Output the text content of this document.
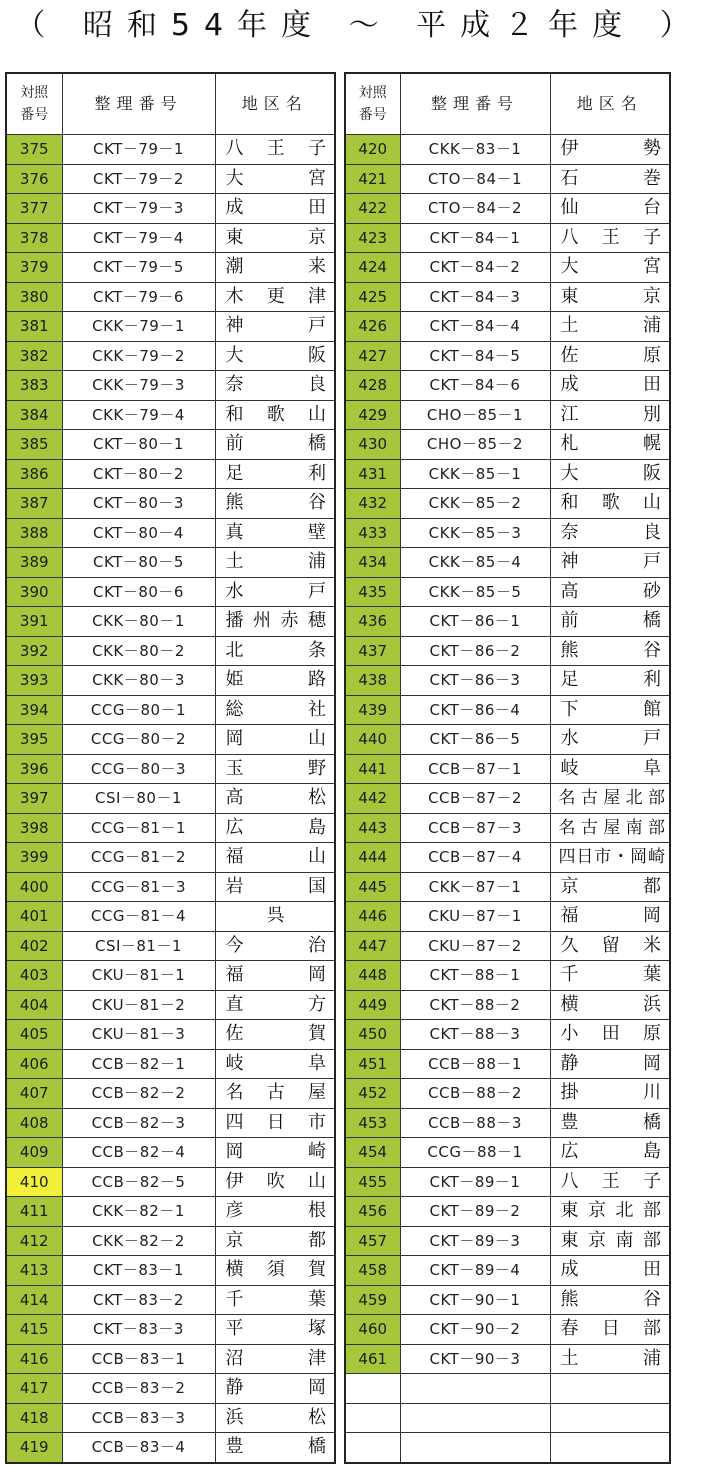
（ 昭和54年度 ～ 平成２年度 ）
対照
番号	整理番号	地区名
375	CKT－79－1	八王子

376	CKT－79－2	大宮

377	CKT－79－3	成田

378	CKT－79－4	東京

379	CKT－79－5	潮来

380	CKT－79－6	木更津

381	CKK－79－1	神戸

382	CKK－79－2	大阪

383	CKK－79－3	奈良

384	CKK－79－4	和歌山

385	CKT－80－1	前橋

386	CKT－80－2	足利

387	CKT－80－3	熊谷

388	CKT－80－4	真壁

389	CKT－80－5	土浦

390	CKT－80－6	水戸

391	CKK－80－1	播州赤穂

392	CKK－80－2	北条

393	CKK－80－3	姫路

394	CCG－80－1	総社

395	CCG－80－2	岡山

396	CCG－80－3	玉野

397	CSI－80－1	高松

398	CCG－81－1	広島

399	CCG－81－2	福山

400	CCG－81－3	岩国

401	CCG－81－4	呉

402	CSI－81－1	今治

403	CKU－81－1	福岡

404	CKU－81－2	直方

405	CKU－81－3	佐賀

406	CCB－82－1	岐阜

407	CCB－82－2	名古屋

408	CCB－82－3	四日市

409	CCB－82－4	岡崎

410	CCB－82－5	伊吹山

411	CKK－82－1	彦根

412	CKK－82－2	京都

413	CKT－83－1	横須賀

414	CKT－83－2	千葉

415	CKT－83－3	平塚

416	CCB－83－1	沼津

417	CCB－83－2	静岡

418	CCB－83－3	浜松

419	CCB－83－4	豊橋
対照
番号	整理番号	地区名
420	CKK－83－1	伊勢

421	CTO－84－1	石巻

422	CTO－84－2	仙台

423	CKT－84－1	八王子

424	CKT－84－2	大宮

425	CKT－84－3	東京

426	CKT－84－4	土浦

427	CKT－84－5	佐原

428	CKT－84－6	成田

429	CHO－85－1	江別

430	CHO－85－2	札幌

431	CKK－85－1	大阪

432	CKK－85－2	和歌山

433	CKK－85－3	奈良

434	CKK－85－4	神戸

435	CKK－85－5	高砂

436	CKT－86－1	前橋

437	CKT－86－2	熊谷

438	CKT－86－3	足利

439	CKT－86－4	下館

440	CKT－86－5	水戸

441	CCB－87－1	岐阜

442	CCB－87－2	名古屋北部

443	CCB－87－3	名古屋南部

444	CCB－87－4	四日市・岡崎

445	CKK－87－1	京都

446	CKU－87－1	福岡

447	CKU－87－2	久留米

448	CKT－88－1	千葉

449	CKT－88－2	横浜

450	CKT－88－3	小田原

451	CCB－88－1	静岡

452	CCB－88－2	掛川

453	CCB－88－3	豊橋

454	CCG－88－1	広島

455	CKT－89－1	八王子

456	CKT－89－2	東京北部

457	CKT－89－3	東京南部

458	CKT－89－4	成田

459	CKT－90－1	熊谷

460	CKT－90－2	春日部

461	CKT－90－3	土浦
